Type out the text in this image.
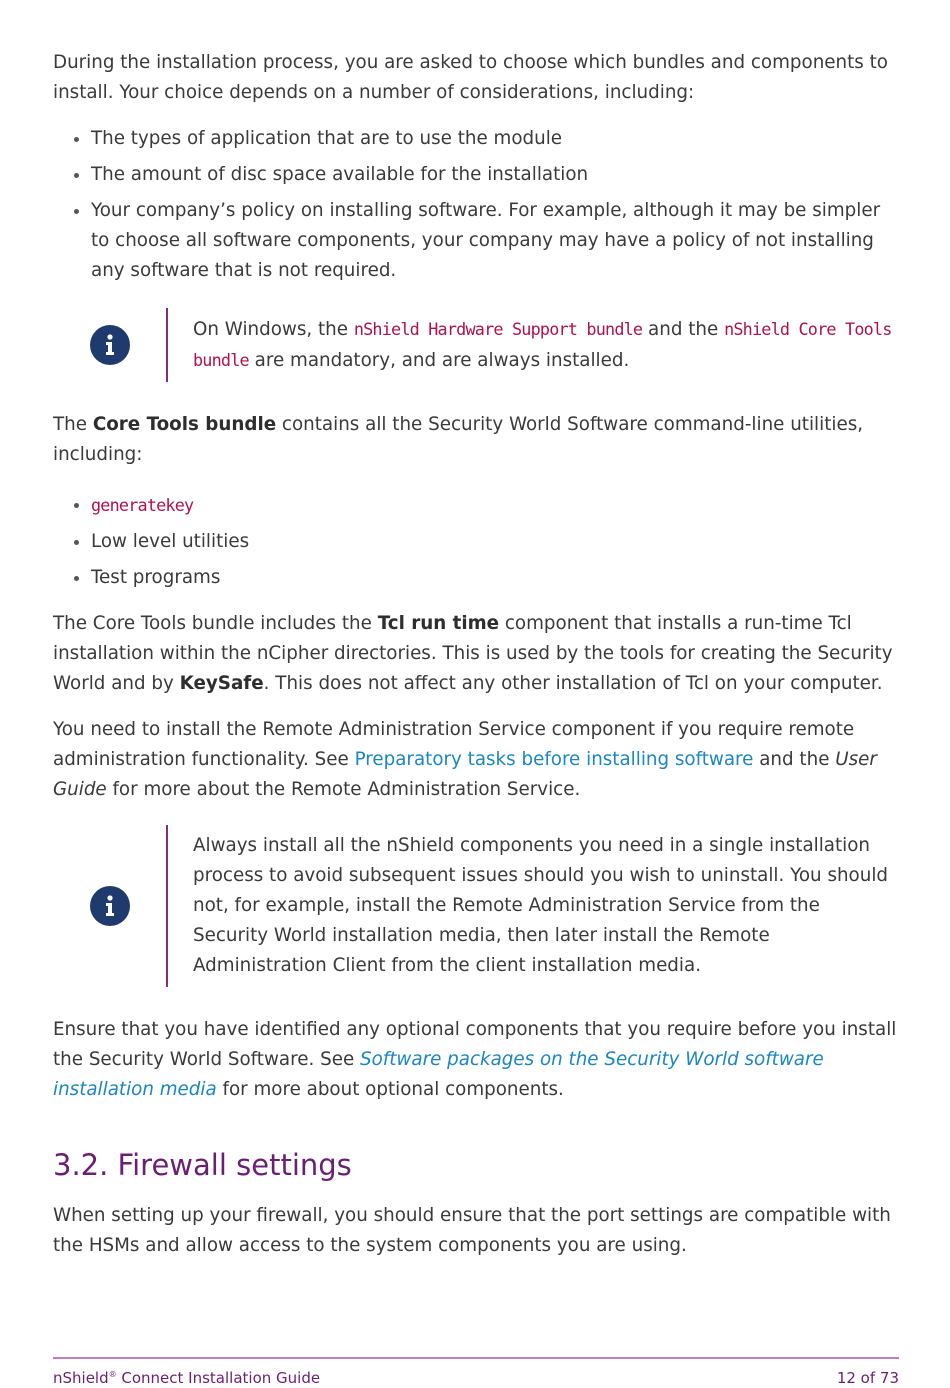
During the installation process, you are asked to choose which bundles and components to install. Your choice depends on a number of considerations, including:

The types of application that are to use the module
The amount of disc space available for the installation
Your company’s policy on installing software. For example, although it may be simpler to choose all software components, your company may have a policy of not installing any software that is not required.
On Windows, the nShield Hardware Support bundle and the nShield Core Tools bundle are mandatory, and are always installed.

The Core Tools bundle contains all the Security World Software command-line utilities, including:

generatekey
Low level utilities
Test programs

The Core Tools bundle includes the Tcl run time component that installs a run-time Tcl installation within the nCipher directories. This is used by the tools for creating the Security World and by KeySafe. This does not affect any other installation of Tcl on your computer.

You need to install the Remote Administration Service component if you require remote administration functionality. See Preparatory tasks before installing software and the User Guide for more about the Remote Administration Service.

Always install all the nShield components you need in a single installation process to avoid subsequent issues should you wish to uninstall. You should not, for example, install the Remote Administration Service from the Security World installation media, then later install the Remote Administration Client from the client installation media.

Ensure that you have identified any optional components that you require before you install the Security World Software. See Software packages on the Security World software installation media for more about optional components.

3.2. Firewall settings

When setting up your firewall, you should ensure that the port settings are compatible with the HSMs and allow access to the system components you are using.

nShield® Connect Installation Guide	12 of 73
